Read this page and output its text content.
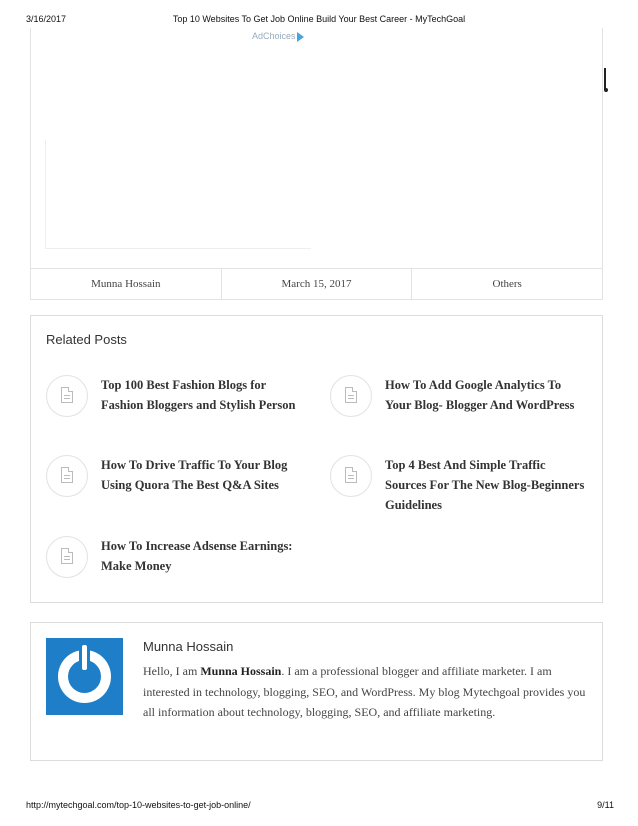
3/16/2017	Top 10 Websites To Get Job Online Build Your Best Career - MyTechGoal
AdChoices
Munna Hossain	March 15, 2017	Others
Related Posts
Top 100 Best Fashion Blogs for Fashion Bloggers and Stylish Person
How To Add Google Analytics To Your Blog- Blogger And WordPress
How To Drive Traffic To Your Blog Using Quora The Best Q&A Sites
Top 4 Best And Simple Traffic Sources For The New Blog-Beginners Guidelines
How To Increase Adsense Earnings: Make Money
Munna Hossain
Hello, I am Munna Hossain. I am a professional blogger and affiliate marketer. I am interested in technology, blogging, SEO, and WordPress. My blog Mytechgoal provides you all information about technology, blogging, SEO, and affiliate marketing.
http://mytechgoal.com/top-10-websites-to-get-job-online/	9/11
